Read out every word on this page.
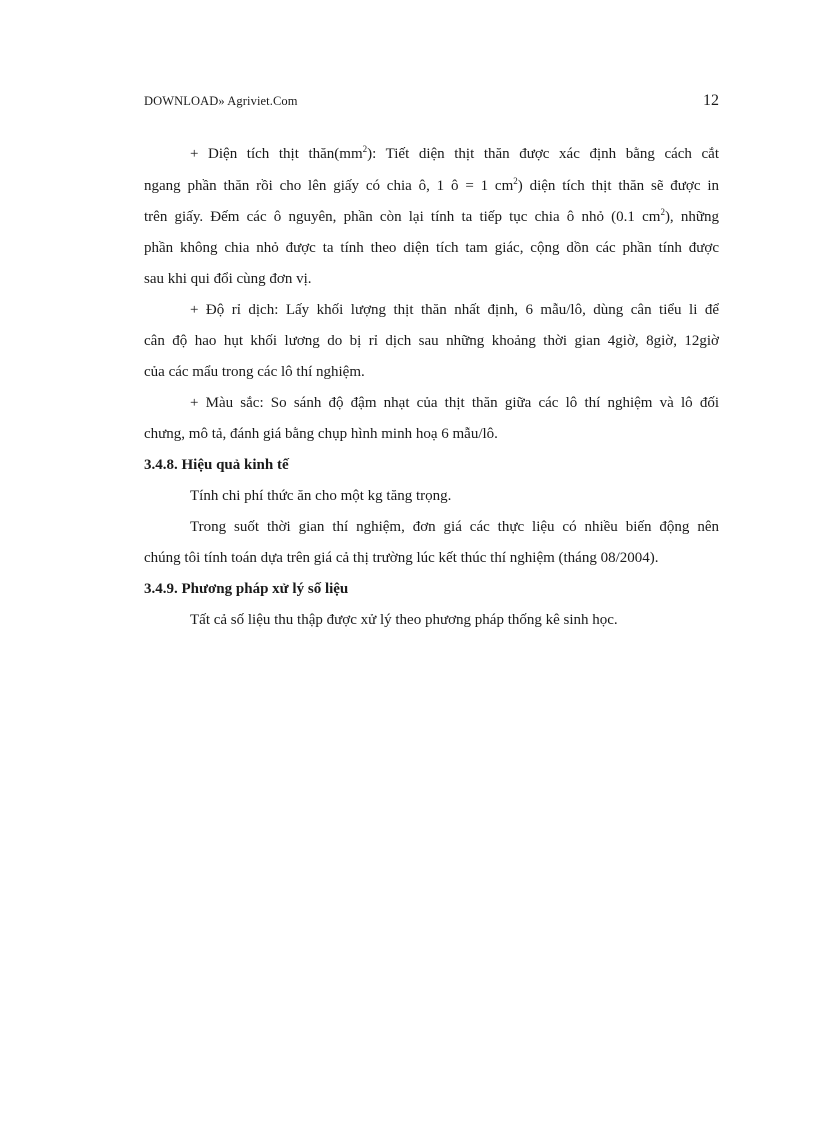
DOWNLOAD» Agriviet.Com	12
+ Diện tích thịt $thăn(mm^2)$: Tiết diện thịt thăn được xác định bằng cách cắt
ngang phần thăn rồi cho lên giấy có chia ô, 1 ô = 1 $cm^2$) diện tích thịt thăn sẽ được in
trên giấy. Đếm các ô nguyên, phần còn lại tính ta tiếp tục chia ô nhỏ (0.1 $cm^2$), những
phần không chia nhỏ được ta tính theo diện tích tam giác, cộng dồn các phần tính được
sau khi qui đổi cùng đơn vị.
+ Độ rỉ dịch: Lấy khối lượng thịt thăn nhất định, 6 mẫu/lô, dùng cân tiểu li để
cân độ hao hụt khối lương do bị rỉ dịch sau những khoảng thời gian 4giờ, 8giờ, 12giờ
của các mẩu trong các lô thí nghiệm.
+ Màu sắc: So sánh độ đậm nhạt của thịt thăn giữa các lô thí nghiệm và lô đối
chưng, mô tả, đánh giá bằng chụp hình minh hoạ 6 mẫu/lô.
3.4.8. Hiệu quả kinh tế
Tính chi phí thức ăn cho một kg tăng trọng.
Trong suốt thời gian thí nghiệm, đơn giá các thực liệu có nhiều biến động nên
chúng tôi tính toán dựa trên giá cả thị trường lúc kết thúc thí nghiệm (tháng 08/2004).
3.4.9. Phương pháp xử lý số liệu
Tất cả số liệu thu thập được xử lý theo phương pháp thống kê sinh học.
